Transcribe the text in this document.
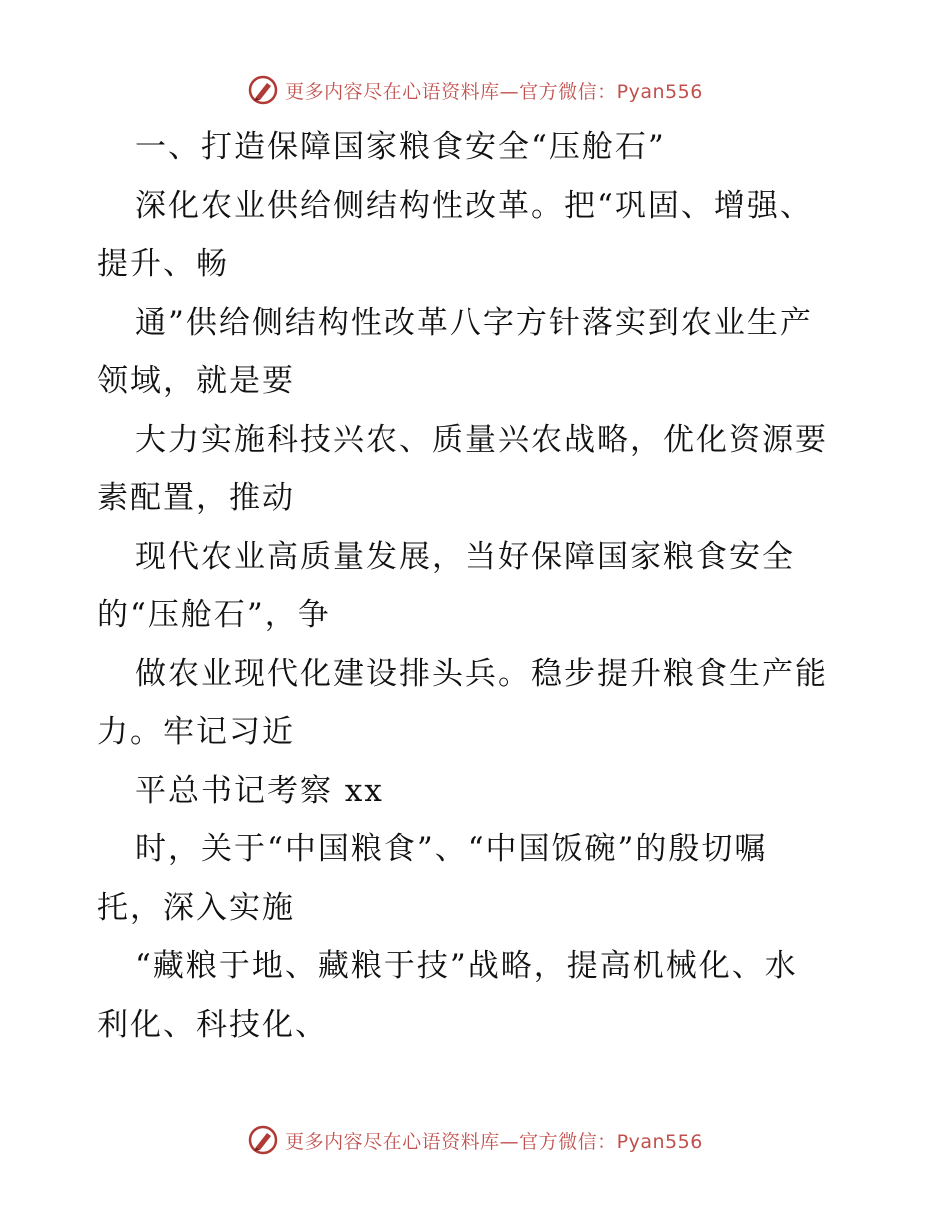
更多内容尽在心语资料库—官方微信：Pyan556
一、打造保障国家粮食安全“压舱石”
深化农业供给侧结构性改革。把“巩固、增强、
提升、畅
通”供给侧结构性改革八字方针落实到农业生产
领域，就是要
大力实施科技兴农、质量兴农战略，优化资源要
素配置，推动
现代农业高质量发展，当好保障国家粮食安全
的“压舱石”，争
做农业现代化建设排头兵。稳步提升粮食生产能
力。牢记习近
平总书记考察 xx
时，关于“中国粮食”、“中国饭碗”的殷切嘱
托，深入实施
“藏粮于地、藏粮于技”战略，提高机械化、水
利化、科技化、
更多内容尽在心语资料库—官方微信：Pyan556
